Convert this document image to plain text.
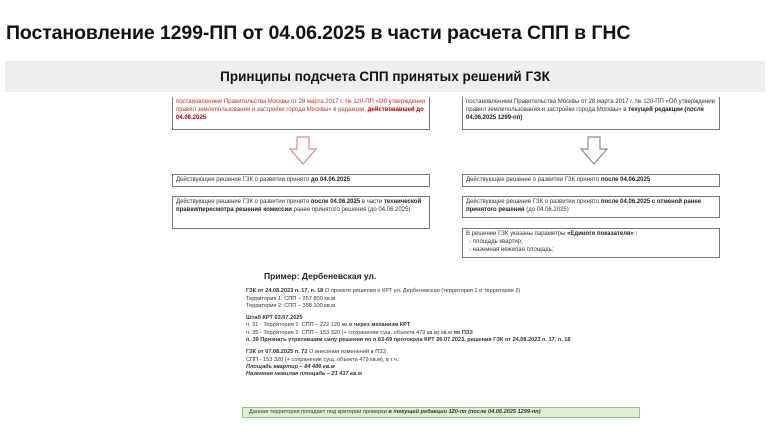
Постановление 1299-ПП от 04.06.2025 в части расчета СПП в ГНС
Принципы подсчета СПП принятых решений ГЗК
постановлением Правительства Москвы от 28 марта 2017 г. № 120-ПП «Об утверждении правил землепользования и застройки города Москвы» в редакции, действовавшей до 04.06.2025
Действующее решение ГЗК о развитии принято до 04.06.2025
Действующее решение ГЗК о развитии принято после 04.06.2025 в части технической правки/пересмотра решения комиссии ранее принятого решения (до 04.06.2025)
постановлением Правительства Москвы от 28 марта 2017 г. № 120-ПП «Об утверждении правил землепользования и застройки города Москвы» в текущей редакции (после 04.06.2025 1299-пп)
Действующее решение о развитии ГЗК принято после 04.06.2025
Действующее решение ГЗК о развитии принято после 04.06.2025 с отменой ранее принятого решения (до 04.06.2025)
В решении ГЗК указаны параметры «Единого показателя» :
- площадь квартир;
- наземная нежилая площадь;
Пример: Дербеневская ул.
ГЗК от 24.08.2023 п. 17, п. 18 О проекте решения о КРТ ул. Дербеневская (территория 1 и территория 2)
Территория 1: СПП – 257 800 кв.м
Территория 2: СПП – 358 100 кв.м
Штаб КРТ 03.07.2025
п. 31 - Территория 1: СПП – 222 120 кв.м через механизм КРТ
п. 35 - Территория 2: СПП – 153 320 (+ сохранение сущ. объекта 479 кв.м) кв.м по ПЗЗ
п. 39 Признать утратившим силу решения по п.63-69 протокола КРТ 26.07.2023, решения ГЗК от 24.08.2023 п. 17, п. 18
ГЗК от 07.08.2025 п. 72 О внесении изменений в ПЗЗ
СПП - 153 320 (+ сохранение сущ. объекта 479 кв.м), в т.ч.:
Площадь квартир – 84 486 кв.м
Наземная нежилая площадь – 21 437 кв.м
Данная территория попадает под критерии проверки в текущей редакции 120-пп (после 04.06.2025 1299-пп)
